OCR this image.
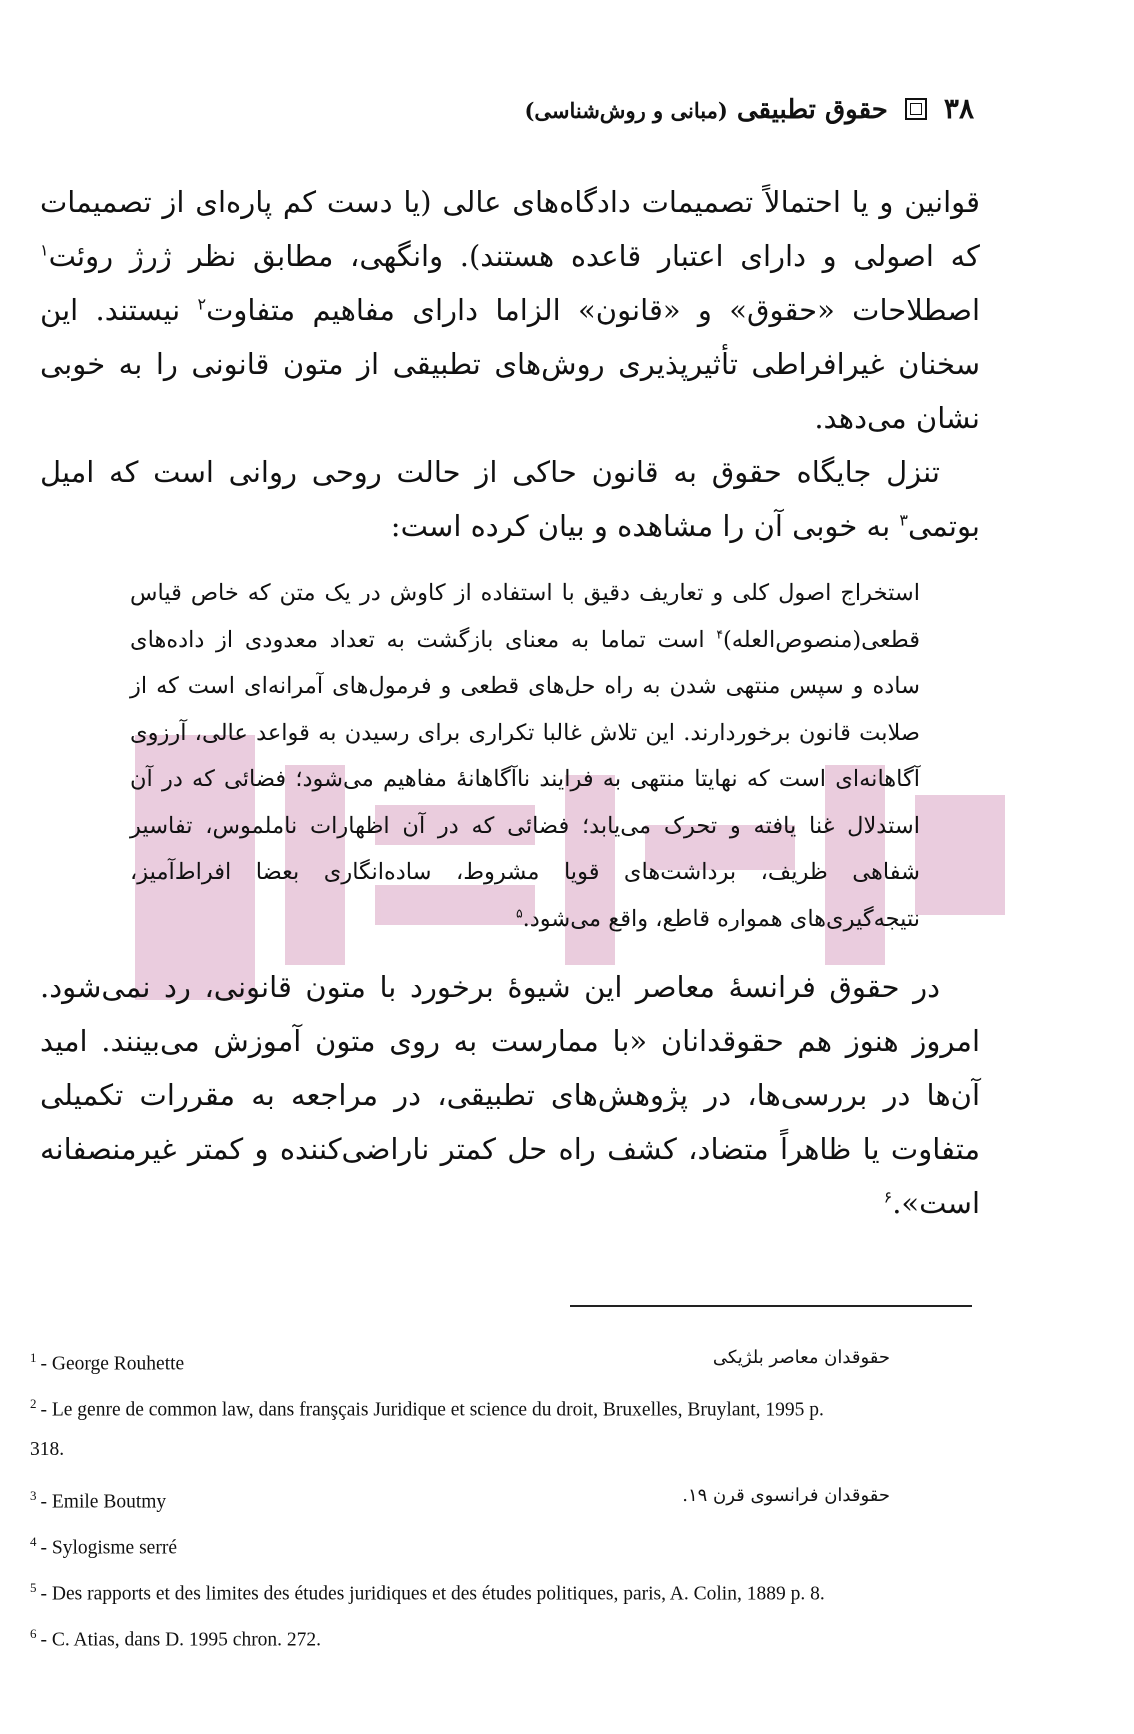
۳۸  حقوق تطبیقی (مبانی و روش‌شناسی)

قوانین و یا احتمالاً تصمیمات دادگاه‌های عالی (یا دست کم پاره‌ای از تصمیمات که اصولی و دارای اعتبار قاعده هستند). وانگهی، مطابق نظر ژرژ روئت$^۱$ اصطلاحات «حقوق» و «قانون» الزاما دارای مفاهیم متفاوت$^۲$ نیستند. این سخنان غیرافراطی تأثیرپذیری روش‌های تطبیقی از متون قانونی را به خوبی نشان می‌دهد.

تنزل جایگاه حقوق به قانون حاکی از حالت روحی روانی است که امیل بوتمی$^۳$ به خوبی آن را مشاهده و بیان کرده است:

استخراج اصول کلی و تعاریف دقیق با استفاده از کاوش در یک متن که خاص قیاس قطعی(منصوص‌العله)$^۴$ است تماما به معنای بازگشت به تعداد معدودی از داده‌های ساده و سپس منتهی شدن به راه حل‌های قطعی و فرمول‌های آمرانه‌ای است که از صلابت قانون برخوردارند. این تلاش غالبا تکراری برای رسیدن به قواعد عالی، آرزوی آگاهانه‌ای است که نهایتا منتهی به فرایند ناآگاهانهٔ مفاهیم می‌شود؛ فضائی که در آن استدلال غنا یافته و تحرک می‌یابد؛ فضائی که در آن اظهارات ناملموس، تفاسیر شفاهی ظریف، برداشت‌های قویا مشروط، ساده‌انگاری بعضا افراط‌آمیز، نتیجه‌گیری‌های همواره قاطع، واقع می‌شود.$^۵$

در حقوق فرانسهٔ معاصر این شیوهٔ برخورد با متون قانونی، رد نمی‌شود. امروز هنوز هم حقوقدانان «با ممارست به روی متون آموزش می‌بینند. امید آن‌ها در بررسی‌ها، در پژوهش‌های تطبیقی، در مراجعه به مقررات تکمیلی متفاوت یا ظاهراً متضاد، کشف راه حل کمتر ناراضی‌کننده و کمتر غیرمنصفانه است».$^۶$

$^1$ - George Rouhette	حقوقدان معاصر بلژیکی
$^2$ - Le genre de common law, dans franşçais Juridique et science du droit, Bruxelles, Bruylant, 1995 p.
318.
$^3$ - Emile Boutmy	حقوقدان فرانسوی قرن ۱۹.
$^4$ - Sylogisme serré
$^5$ - Des rapports et des limites des études juridiques et des études politiques, paris, A. Colin, 1889 p. 8.
$^6$ - C. Atias, dans D. 1995 chron. 272.
